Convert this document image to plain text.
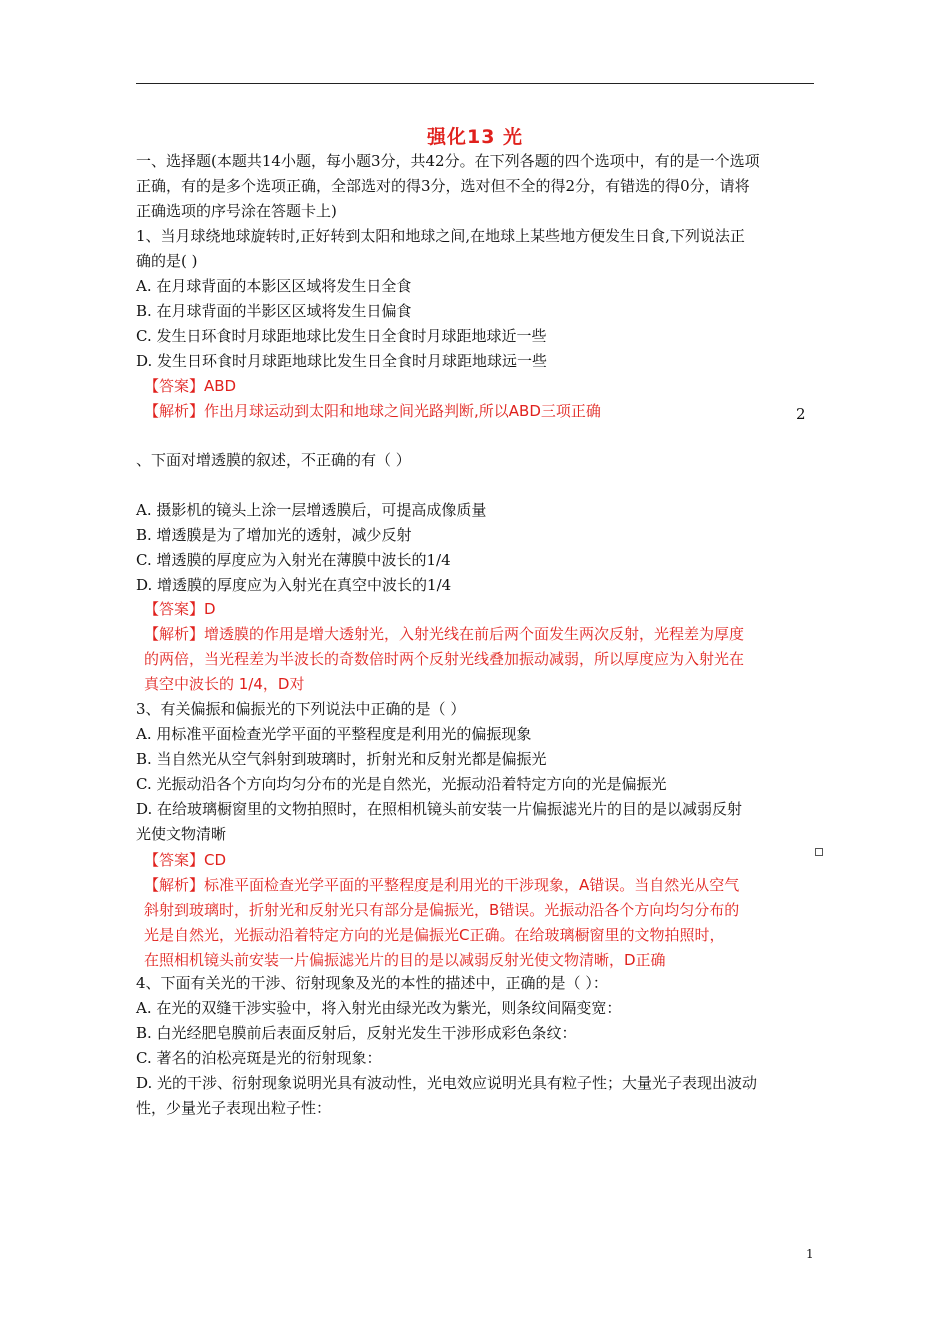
强化13 光
一、选择题(本题共14小题，每小题3分，共42分。在下列各题的四个选项中，有的是一个选项
正确，有的是多个选项正确，全部选对的得3分，选对但不全的得2分，有错选的得0分，请将
正确选项的序号涂在答题卡上)
1、当月球绕地球旋转时,正好转到太阳和地球之间,在地球上某些地方便发生日食,下列说法正
确的是( )
A. 在月球背面的本影区区域将发生日全食
B. 在月球背面的半影区区域将发生日偏食
C. 发生日环食时月球距地球比发生日全食时月球距地球近一些
D. 发生日环食时月球距地球比发生日全食时月球距地球远一些
【答案】ABD
【解析】作出月球运动到太阳和地球之间光路判断,所以ABD三项正确	2
、下面对增透膜的叙述，不正确的有（ ）
A. 摄影机的镜头上涂一层增透膜后，可提高成像质量
B. 增透膜是为了增加光的透射，减少反射
C. 增透膜的厚度应为入射光在薄膜中波长的1/4
D. 增透膜的厚度应为入射光在真空中波长的1/4
【答案】D
【解析】增透膜的作用是增大透射光，入射光线在前后两个面发生两次反射，光程差为厚度
的两倍，当光程差为半波长的奇数倍时两个反射光线叠加振动减弱，所以厚度应为入射光在
真空中波长的 1/4，D对
3、有关偏振和偏振光的下列说法中正确的是（ ）
A. 用标准平面检查光学平面的平整程度是利用光的偏振现象
B. 当自然光从空气斜射到玻璃时，折射光和反射光都是偏振光
C. 光振动沿各个方向均匀分布的光是自然光，光振动沿着特定方向的光是偏振光
D. 在给玻璃橱窗里的文物拍照时，在照相机镜头前安装一片偏振滤光片的目的是以减弱反射
光使文物清晰
【答案】CD
【解析】标准平面检查光学平面的平整程度是利用光的干涉现象，A错误。当自然光从空气
斜射到玻璃时，折射光和反射光只有部分是偏振光，B错误。光振动沿各个方向均匀分布的
光是自然光，光振动沿着特定方向的光是偏振光C正确。在给玻璃橱窗里的文物拍照时，
在照相机镜头前安装一片偏振滤光片的目的是以减弱反射光使文物清晰，D正确
4、下面有关光的干涉、衍射现象及光的本性的描述中，正确的是（ ）：
A. 在光的双缝干涉实验中，将入射光由绿光改为紫光，则条纹间隔变宽：
B. 白光经肥皂膜前后表面反射后，反射光发生干涉形成彩色条纹：
C. 著名的泊松亮斑是光的衍射现象：
D. 光的干涉、衍射现象说明光具有波动性，光电效应说明光具有粒子性；大量光子表现出波动
性，少量光子表现出粒子性：
1
